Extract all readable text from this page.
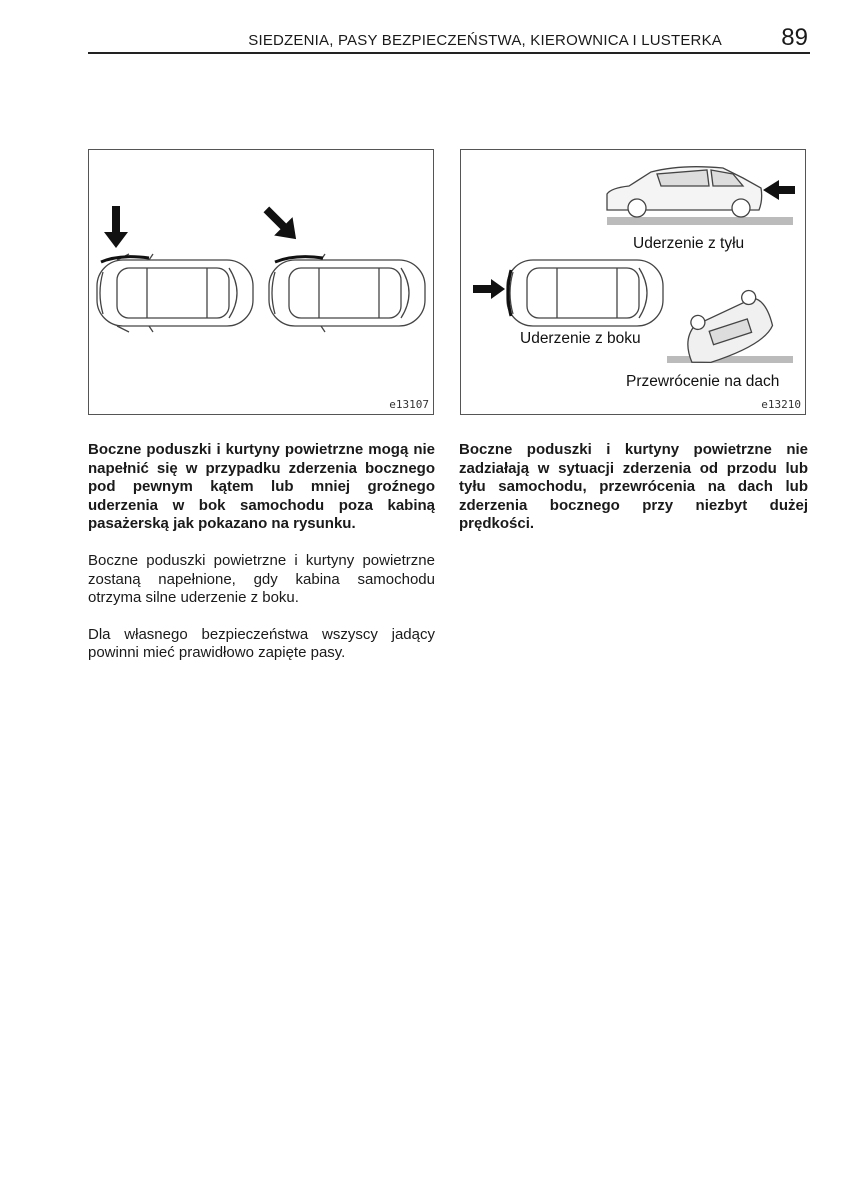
SIEDZENIA, PASY BEZPIECZEŃSTWA, KIEROWNICA I LUSTERKA 89
e13107
Uderzenie z tyłu
Uderzenie z boku
Przewrócenie na dach
e13210

Boczne poduszki i kurtyny powietrzne mogą nie napełnić się w przypadku zderzenia bocznego pod pewnym kątem lub mniej groźnego uderzenia w bok samochodu poza kabiną pasażerską jak pokazano na rysunku.

Boczne poduszki powietrzne i kurtyny powietrzne zostaną napełnione, gdy kabina samochodu otrzyma silne uderzenie z boku.

Dla własnego bezpieczeństwa wszyscy jadący powinni mieć prawidłowo zapięte pasy.

Boczne poduszki i kurtyny powietrzne nie zadziałają w sytuacji zderzenia od przodu lub tyłu samochodu, przewrócenia na dach lub zderzenia bocznego przy niezbyt dużej prędkości.
